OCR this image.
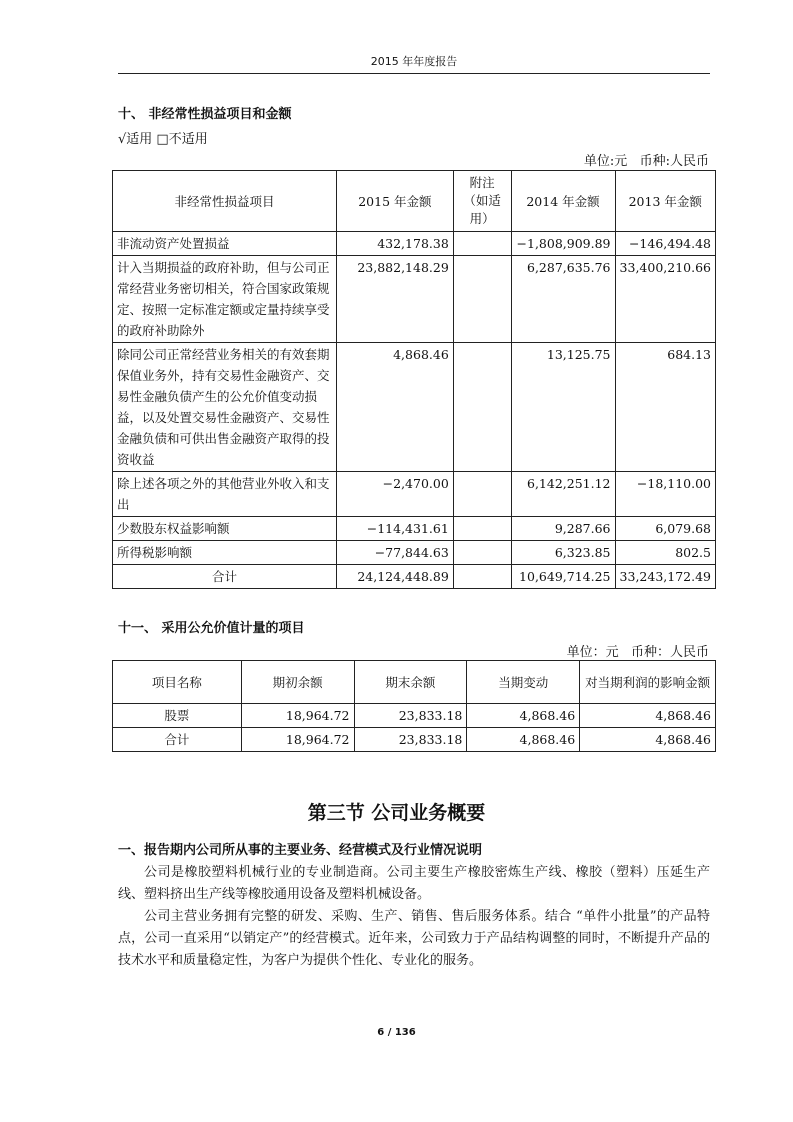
2015 年年度报告
十、 非经常性损益项目和金额
√适用 □不适用
单位:元   币种:人民币
非经常性损益项目	2015 年金额	附注（如适用）	2014 年金额	2013 年金额
非流动资产处置损益	432,178.38		−1,808,909.89	−146,494.48
计入当期损益的政府补助，但与公司正常经营业务密切相关，符合国家政策规定、按照一定标准定额或定量持续享受的政府补助除外	23,882,148.29		6,287,635.76	33,400,210.66
除同公司正常经营业务相关的有效套期保值业务外，持有交易性金融资产、交易性金融负债产生的公允价值变动损益，以及处置交易性金融资产、交易性金融负债和可供出售金融资产取得的投资收益	4,868.46		13,125.75	684.13
除上述各项之外的其他营业外收入和支出	−2,470.00		6,142,251.12	−18,110.00
少数股东权益影响额	−114,431.61		9,287.66	6,079.68
所得税影响额	−77,844.63		6,323.85	802.5
合计	24,124,448.89		10,649,714.25	33,243,172.49
十一、 采用公允价值计量的项目
单位：元   币种：人民币
项目名称	期初余额	期末余额	当期变动	对当期利润的影响金额
股票	18,964.72	23,833.18	4,868.46	4,868.46
合计	18,964.72	23,833.18	4,868.46	4,868.46
第三节 公司业务概要
一、报告期内公司所从事的主要业务、经营模式及行业情况说明
公司是橡胶塑料机械行业的专业制造商。公司主要生产橡胶密炼生产线、橡胶（塑料）压延生产线、塑料挤出生产线等橡胶通用设备及塑料机械设备。
公司主营业务拥有完整的研发、采购、生产、销售、售后服务体系。结合 “单件小批量”的产品特点，公司一直采用“以销定产”的经营模式。近年来，公司致力于产品结构调整的同时，不断提升产品的技术水平和质量稳定性，为客户为提供个性化、专业化的服务。
6 / 136
